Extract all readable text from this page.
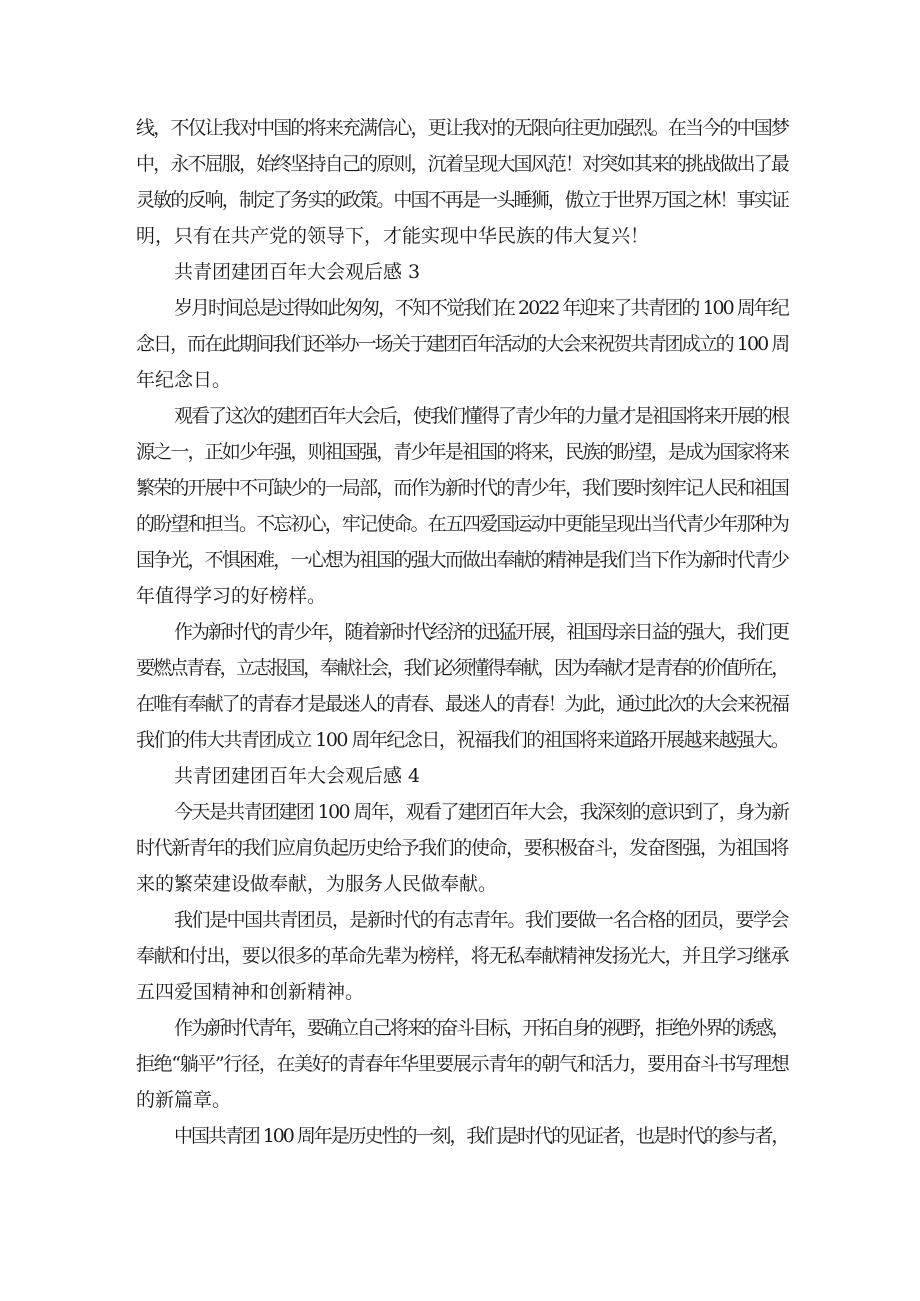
线，不仅让我对中国的将来充满信心，更让我对的无限向往更加强烈。在当今的中国梦
中，永不屈服，始终坚持自己的原则，沉着呈现大国风范！对突如其来的挑战做出了最
灵敏的反响，制定了务实的政策。中国不再是一头睡狮，傲立于世界万国之林！事实证
明，只有在共产党的领导下，才能实现中华民族的伟大复兴！
共青团建团百年大会观后感 3
岁月时间总是过得如此匆匆，不知不觉我们在 2022 年迎来了共青团的 100 周年纪
念日，而在此期间我们还举办一场关于建团百年活动的大会来祝贺共青团成立的 100 周
年纪念日。
观看了这次的建团百年大会后，使我们懂得了青少年的力量才是祖国将来开展的根
源之一，正如少年强，则祖国强，青少年是祖国的将来，民族的盼望，是成为国家将来
繁荣的开展中不可缺少的一局部，而作为新时代的青少年，我们要时刻牢记人民和祖国
的盼望和担当。不忘初心，牢记使命。在五四爱国运动中更能呈现出当代青少年那种为
国争光，不惧困难，一心想为祖国的强大而做出奉献的精神是我们当下作为新时代青少
年值得学习的好榜样。
作为新时代的青少年，随着新时代经济的迅猛开展，祖国母亲日益的强大，我们更
要燃点青春，立志报国，奉献社会，我们必须懂得奉献，因为奉献才是青春的价值所在，
在唯有奉献了的青春才是最迷人的青春、最迷人的青春！为此，通过此次的大会来祝福
我们的伟大共青团成立 100 周年纪念日，祝福我们的祖国将来道路开展越来越强大。
共青团建团百年大会观后感 4
今天是共青团建团 100 周年，观看了建团百年大会，我深刻的意识到了，身为新
时代新青年的我们应肩负起历史给予我们的使命，要积极奋斗，发奋图强，为祖国将
来的繁荣建设做奉献，为服务人民做奉献。
我们是中国共青团员，是新时代的有志青年。我们要做一名合格的团员，要学会
奉献和付出，要以很多的革命先辈为榜样，将无私奉献精神发扬光大，并且学习继承
五四爱国精神和创新精神。
作为新时代青年，要确立自己将来的奋斗目标，开拓自身的视野，拒绝外界的诱惑，
拒绝“躺平”行径，在美好的青春年华里要展示青年的朝气和活力，要用奋斗书写理想
的新篇章。
中国共青团 100 周年是历史性的一刻，我们是时代的见证者，也是时代的参与者，
